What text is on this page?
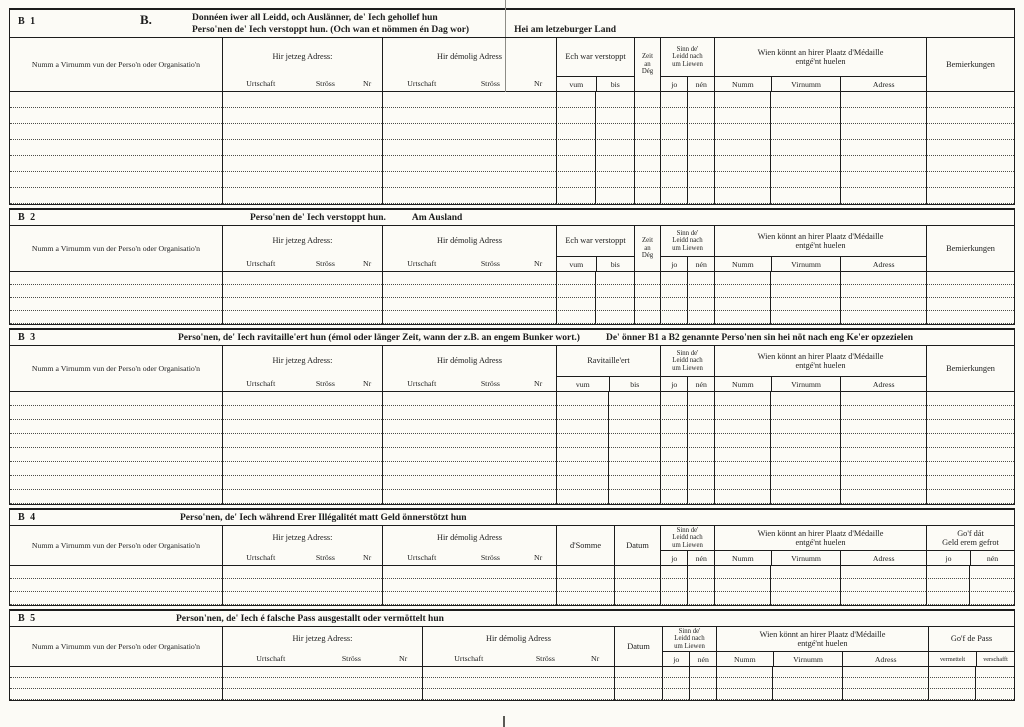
B 1	B.	Donnéen iwer all Leidd, och Auslänner, de' Iech gehollef hun
Perso'nen de' Iech verstoppt hun. (Och wan et nömmen én Dag wor)	Hei am letzeburger Land
Numm a Virnumm vun der Perso'n oder Organisatio'n
Hir jetzeg Adress:
Urtschaft	Ströss	Nr
Hir démolig Adress
Urtschaft	Ströss	Nr
Ech war verstoppt
vum	bis
Zeit
an
Dég
Sinn de'
Leidd nach
um Liewen
jo	nén
Wien könnt an hirer Plaatz d'Médaille
entgé'nt huelen
Numm	Virnumm	Adress
Bemierkungen
B 2	Perso'nen de' Iech verstoppt hun.	Am Ausland
Numm a Virnumm vun der Perso'n oder Organisatio'n
Hir jetzeg Adress:
Urtschaft	Ströss	Nr
Hir démolig Adress
Urtschaft	Ströss	Nr
Ech war verstoppt
vum	bis
Zeit
an
Dég
Sinn de'
Leidd nach
um Liewen
jo	nén
Wien könnt an hirer Plaatz d'Médaille
entgé'nt huelen
Numm	Virnumm	Adress
Bemierkungen
B 3	Perso'nen, de' Iech ravitaille'ert hun (émol oder länger Zeit, wann der z.B. an engem Bunker wort.)	De' önner B1 a B2 genannte Perso'nen sin hei nöt nach eng Ke'er opzezielen
Numm a Virnumm vun der Perso'n oder Organisatio'n
Hir jetzeg Adress:
Urtschaft	Ströss	Nr
Hir démolig Adress
Urtschaft	Ströss	Nr
Ravitaille'ert
vum	bis
Sinn de'
Leidd nach
um Liewen
jo	nén
Wien könnt an hirer Plaatz d'Médaille
entgé'nt huelen
Numm	Virnumm	Adress
Bemierkungen
B 4	Perso'nen, de' Iech während Erer Illégalitét matt Geld önnerstötzt hun
Numm a Virnumm vun der Perso'n oder Organisatio'n
Hir jetzeg Adress:
Urtschaft	Ströss	Nr
Hir démolig Adress
Urtschaft	Ströss	Nr
d'Somme	Datum
Sinn de'
Leidd nach
um Liewen
jo	nén
Wien könnt an hirer Plaatz d'Médaille
entgé'nt huelen
Numm	Virnumm	Adress
Go'f dát
Geld erem gefrot
jo	nén
B 5	Person'nen, de' Iech é falsche Pass ausgestallt oder vermöttelt hun
Numm a Virnumm vun der Perso'n oder Organisatio'n
Hir jetzeg Adress:
Urtschaft	Ströss	Nr
Hir démolig Adress
Urtschaft	Ströss	Nr
Datum
Sinn de'
Leidd nach
um Liewen
jo	nén
Wien könnt an hirer Plaatz d'Médaille
entgé'nt huelen
Numm	Virnumm	Adress
Go'f de Pass
vermettelt	verschafft
